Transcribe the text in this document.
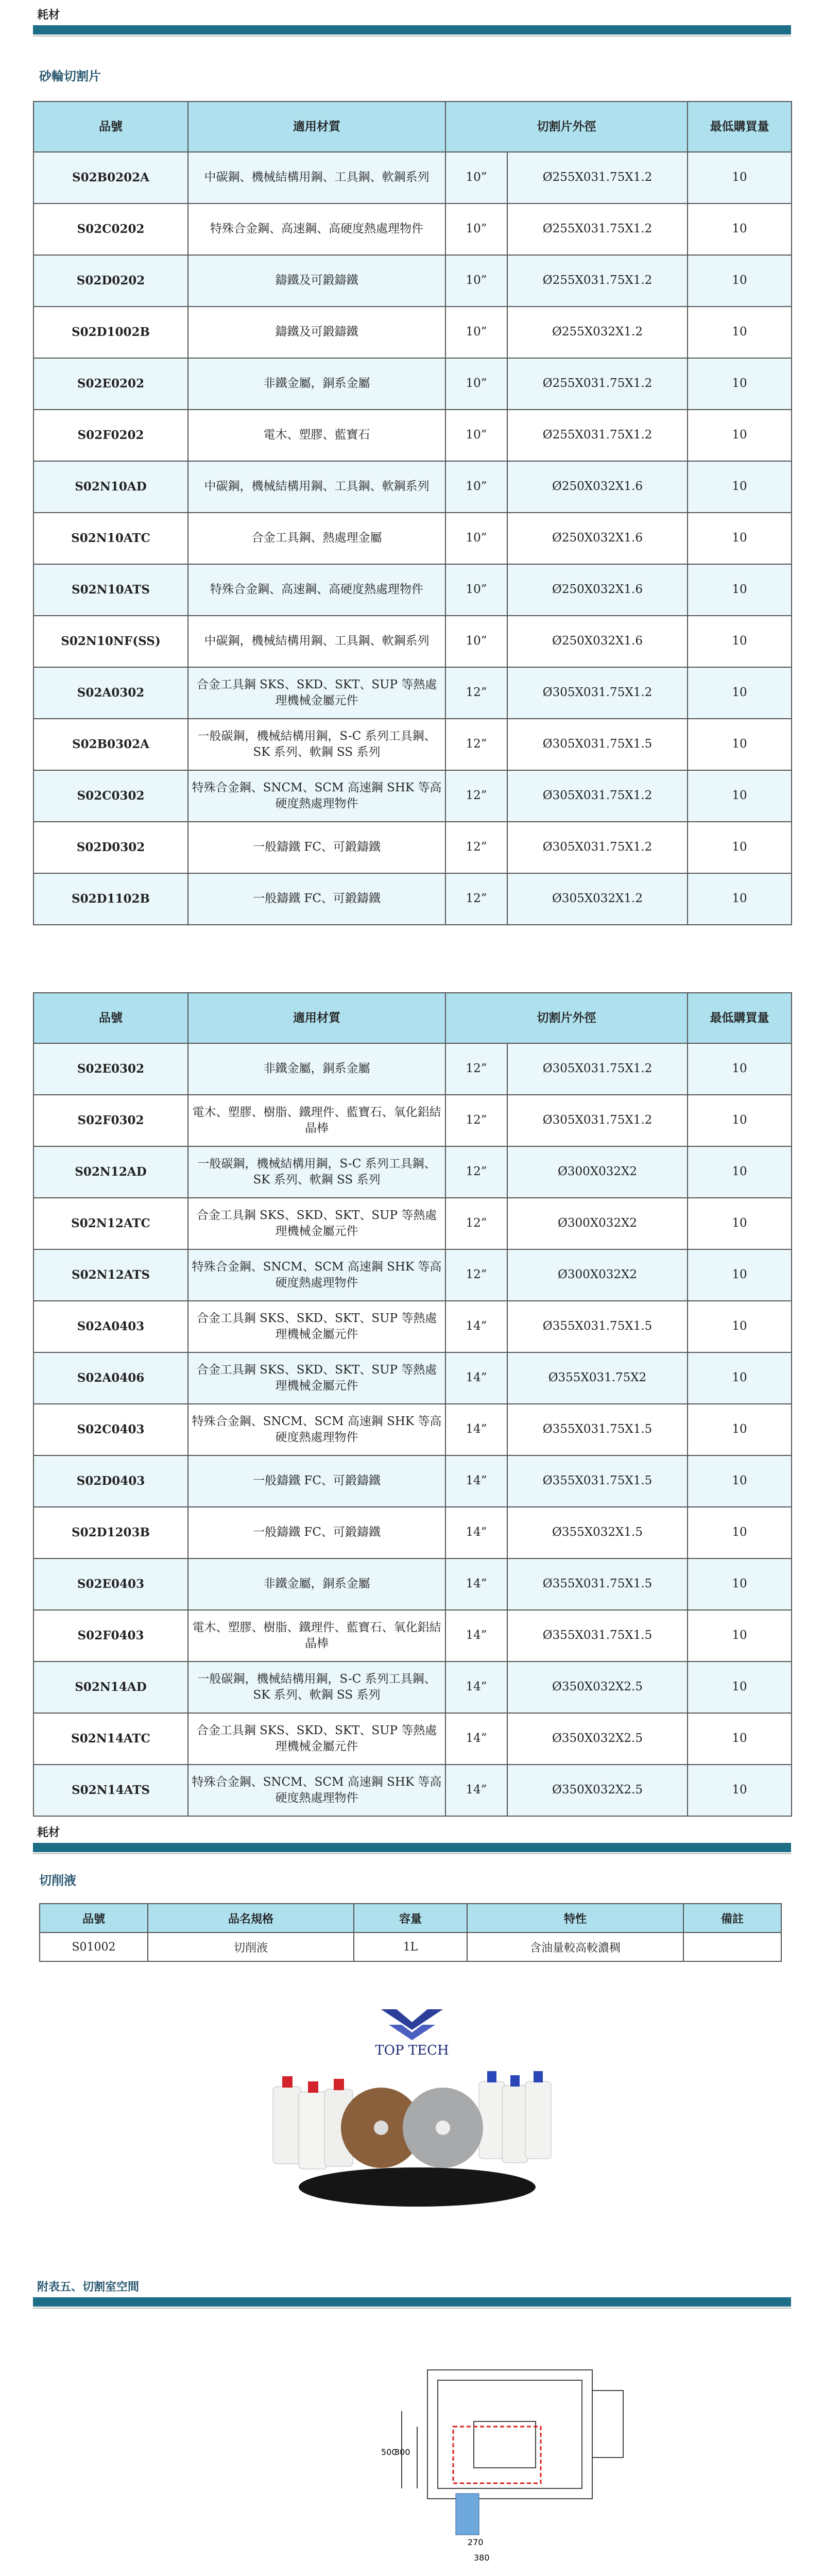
耗材
砂輪切割片
品號	適用材質	切割片外徑		最低購買量
S02B0202A	中碳鋼、機械結構用鋼、工具鋼、軟鋼系列	10”	Ø255X031.75X1.2	10
S02C0202	特殊合金鋼、高速鋼、高硬度熱處理物件	10”	Ø255X031.75X1.2	10
S02D0202	鑄鐵及可鍛鑄鐵	10”	Ø255X031.75X1.2	10
S02D1002B	鑄鐵及可鍛鑄鐵	10”	Ø255X032X1.2	10
S02E0202	非鐵金屬，銅系金屬	10”	Ø255X031.75X1.2	10
S02F0202	電木、塑膠、藍寶石	10”	Ø255X031.75X1.2	10
S02N10AD	中碳鋼，機械結構用鋼、工具鋼、軟鋼系列	10”	Ø250X032X1.6	10
S02N10ATC	合金工具鋼、熱處理金屬	10”	Ø250X032X1.6	10
S02N10ATS	特殊合金鋼、高速鋼、高硬度熱處理物件	10”	Ø250X032X1.6	10
S02N10NF(SS)	中碳鋼，機械結構用鋼、工具鋼、軟鋼系列	10”	Ø250X032X1.6	10
S02A0302	合金工具鋼 SKS、SKD、SKT、SUP 等熱處理機械金屬元件	12”	Ø305X031.75X1.2	10
S02B0302A	一般碳鋼，機械結構用鋼，S-C 系列工具鋼、SK 系列、軟鋼 SS 系列	12”	Ø305X031.75X1.5	10
S02C0302	特殊合金鋼、SNCM、SCM 高速鋼 SHK 等高硬度熱處理物件	12”	Ø305X031.75X1.2	10
S02D0302	一般鑄鐵 FC、可鍛鑄鐵	12”	Ø305X031.75X1.2	10
S02D1102B	一般鑄鐵 FC、可鍛鑄鐵	12”	Ø305X032X1.2	10
品號	適用材質	切割片外徑		最低購買量
S02E0302	非鐵金屬，銅系金屬	12”	Ø305X031.75X1.2	10
S02F0302	電木、塑膠、樹脂、鐵理件、藍寶石、氧化鋁結晶棒	12”	Ø305X031.75X1.2	10
S02N12AD	一般碳鋼，機械結構用鋼，S-C 系列工具鋼、SK 系列、軟鋼 SS 系列	12”	Ø300X032X2	10
S02N12ATC	合金工具鋼 SKS、SKD、SKT、SUP 等熱處理機械金屬元件	12”	Ø300X032X2	10
S02N12ATS	特殊合金鋼、SNCM、SCM 高速鋼 SHK 等高硬度熱處理物件	12”	Ø300X032X2	10
S02A0403	合金工具鋼 SKS、SKD、SKT、SUP 等熱處理機械金屬元件	14”	Ø355X031.75X1.5	10
S02A0406	合金工具鋼 SKS、SKD、SKT、SUP 等熱處理機械金屬元件	14”	Ø355X031.75X2	10
S02C0403	特殊合金鋼、SNCM、SCM 高速鋼 SHK 等高硬度熱處理物件	14”	Ø355X031.75X1.5	10
S02D0403	一般鑄鐵 FC、可鍛鑄鐵	14”	Ø355X031.75X1.5	10
S02D1203B	一般鑄鐵 FC、可鍛鑄鐵	14”	Ø355X032X1.5	10
S02E0403	非鐵金屬，銅系金屬	14”	Ø355X031.75X1.5	10
S02F0403	電木、塑膠、樹脂、鐵理件、藍寶石、氧化鋁結晶棒	14”	Ø355X031.75X1.5	10
S02N14AD	一般碳鋼，機械結構用鋼，S-C 系列工具鋼、SK 系列、軟鋼 SS 系列	14”	Ø350X032X2.5	10
S02N14ATC	合金工具鋼 SKS、SKD、SKT、SUP 等熱處理機械金屬元件	14”	Ø350X032X2.5	10
S02N14ATS	特殊合金鋼、SNCM、SCM 高速鋼 SHK 等高硬度熱處理物件	14”	Ø350X032X2.5	10
耗材
切削液
品號	品名規格	容量	特性	備註
S01002	切削液	1L	含油量較高較濃稠	
TOP TECH
附表五、切割室空間
300
500
270
380
